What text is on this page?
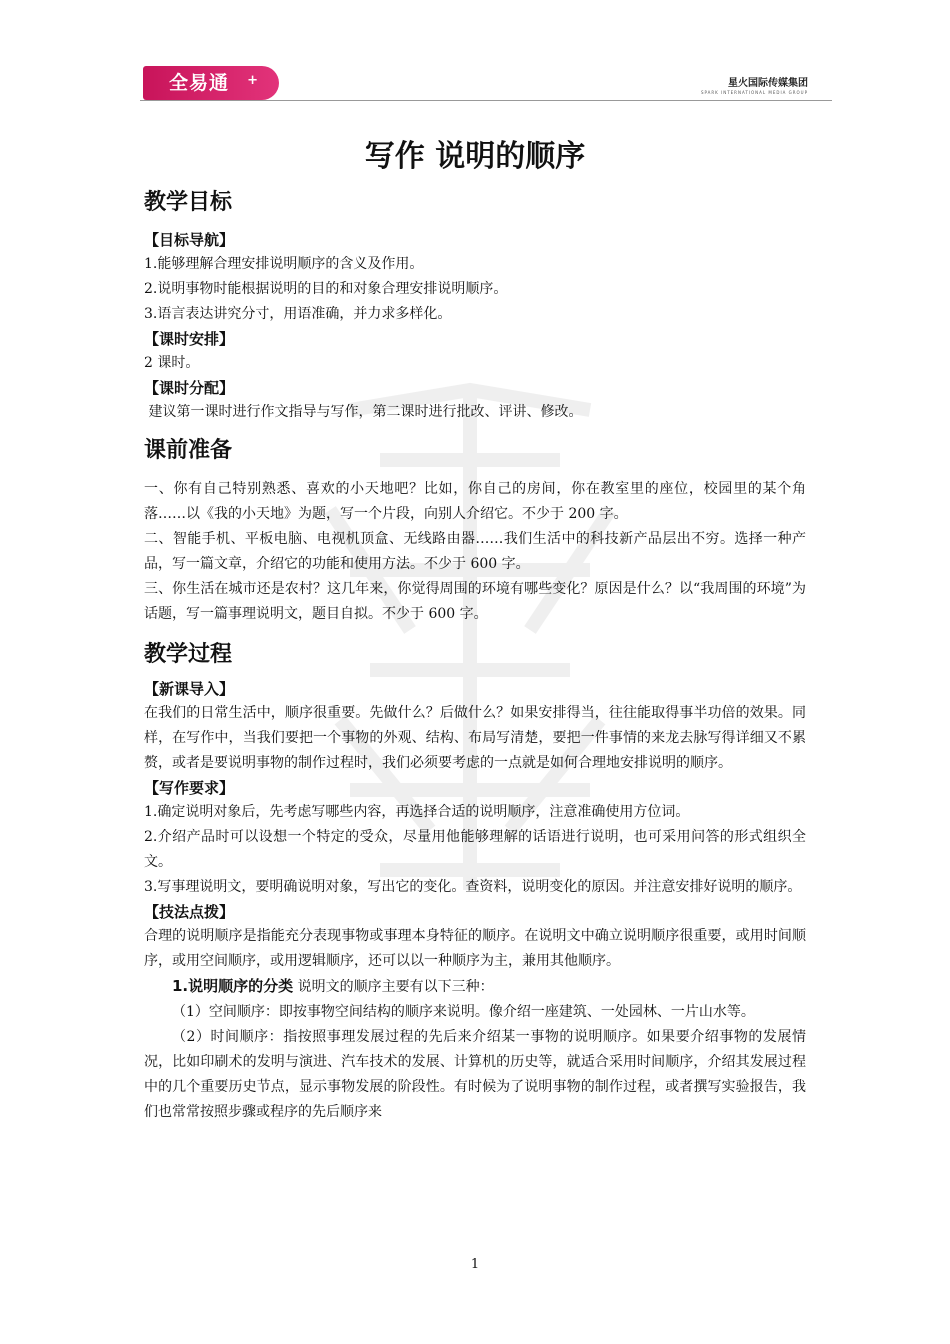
全易通 +	星火国际传媒集团
SPARK INTERNATIONAL MEDIA GROUP
写作 说明的顺序
教学目标
【目标导航】

1.能够理解合理安排说明顺序的含义及作用。

2.说明事物时能根据说明的目的和对象合理安排说明顺序。

3.语言表达讲究分寸，用语准确，并力求多样化。

【课时安排】

2 课时。

【课时分配】

建议第一课时进行作文指导与写作，第二课时进行批改、评讲、修改。

课前准备

一、你有自己特别熟悉、喜欢的小天地吧？比如，你自己的房间，你在教室里的座位，校园里的某个角落……以《我的小天地》为题，写一个片段，向别人介绍它。不少于 200 字。

二、智能手机、平板电脑、电视机顶盒、无线路由器……我们生活中的科技新产品层出不穷。选择一种产品，写一篇文章，介绍它的功能和使用方法。不少于 600 字。

三、你生活在城市还是农村？这几年来，你觉得周围的环境有哪些变化？原因是什么？以“我周围的环境”为话题，写一篇事理说明文，题目自拟。不少于 600 字。

教学过程
【新课导入】

在我们的日常生活中，顺序很重要。先做什么？后做什么？如果安排得当，往往能取得事半功倍的效果。同样，在写作中，当我们要把一个事物的外观、结构、布局写清楚，要把一件事情的来龙去脉写得详细又不累赘，或者是要说明事物的制作过程时，我们必须要考虑的一点就是如何合理地安排说明的顺序。

【写作要求】

1.确定说明对象后，先考虑写哪些内容，再选择合适的说明顺序，注意准确使用方位词。

2.介绍产品时可以设想一个特定的受众，尽量用他能够理解的话语进行说明，也可采用问答的形式组织全文。

3.写事理说明文，要明确说明对象，写出它的变化。查资料，说明变化的原因。并注意安排好说明的顺序。

【技法点拨】

合理的说明顺序是指能充分表现事物或事理本身特征的顺序。在说明文中确立说明顺序很重要，或用时间顺序，或用空间顺序，或用逻辑顺序，还可以以一种顺序为主，兼用其他顺序。

1.说明顺序的分类 说明文的顺序主要有以下三种：

（1）空间顺序：即按事物空间结构的顺序来说明。像介绍一座建筑、一处园林、一片山水等。

（2）时间顺序：指按照事理发展过程的先后来介绍某一事物的说明顺序。如果要介绍事物的发展情况，比如印刷术的发明与演进、汽车技术的发展、计算机的历史等，就适合采用时间顺序，介绍其发展过程中的几个重要历史节点，显示事物发展的阶段性。有时候为了说明事物的制作过程，或者撰写实验报告，我们也常常按照步骤或程序的先后顺序来

1
